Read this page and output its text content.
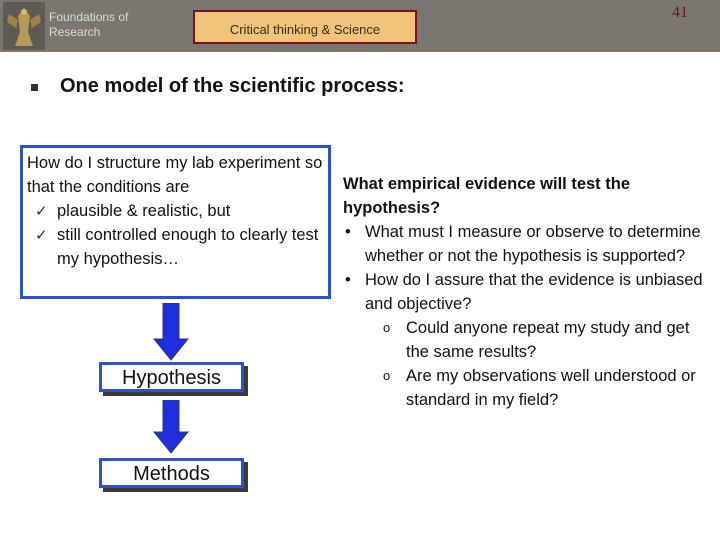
Foundations of
Research	Critical thinking & Science
41
One model of the scientific process:
How do I structure my lab experiment so that the conditions are
✓ plausible & realistic, but
✓ still controlled enough to clearly test my hypothesis…
Hypothesis
Methods
What empirical evidence will test the hypothesis?
• What must I measure or observe to determine whether or not the hypothesis is supported?
• How do I assure that the evidence is unbiased and objective?
o Could anyone repeat my study and get the same results?
o Are my observations well understood or standard in my field?
